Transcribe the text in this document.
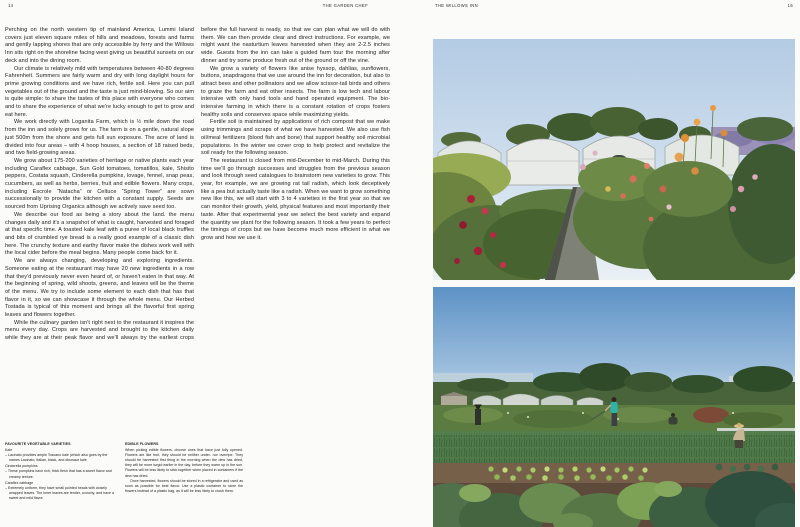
14	THE GARDEN CHEF	THE WILLOWS INN	15

Perching on the north western tip of mainland America, Lummi Island covers just eleven square miles of hills and meadows, forests and farms and gently lapping shores that are only accessible by ferry and the Willows Inn sits right on the shoreline facing west giving us beautiful sunsets on our deck and into the dining room.

Our climate is relatively mild with temperatures between 40-80 degrees Fahrenheit. Summers are fairly warm and dry with long daylight hours for prime growing conditions and we have rich, fertile soil. Here you can pull vegetables out of the ground and the taste is just mind-blowing. So our aim is quite simple: to share the tastes of this place with everyone who comes and to share the experience of what we're lucky enough to get to grow and eat here.

We work directly with Loganita Farm, which is ½ mile down the road from the inn and solely grows for us. The farm is on a gentle, natural slope just 500m from the shore and gets full sun exposure. The acre of land is divided into four areas – with 4 hoop houses, a section of 18 raised beds, and two field-growing areas.

We grow about 175-200 varieties of heritage or native plants each year including Caraflex cabbage, Sun Gold tomatoes, tomatillos, kale, Shisito peppers, Costata squash, Cinderella pumpkins, lovage, fennel, snap peas, cucumbers, as well as herbs, berries, fruit and edible flowers. Many crops, including Escrole “Natacha” or Celtuce “Spring Tower” are sown successionally to provide the kitchen with a constant supply. Seeds are sourced from Uprising Organics although we actively save seed too.

We describe our food as being a story about the land. the menu changes daily and it's a snapshot of what is caught, harvested and foraged at that specific time. A toasted kale leaf with a puree of local black truffles and bits of crumbled rye bread is a really good example of a classic dish here. The crunchy texture and earthy flavor make the dishes work well with the local cider before the meal begins. Many people come back for it.

We are always changing, developing and exploring ingredients. Someone eating at the restaurant may have 20 new ingredients in a row that they'd previously never even heard of, or haven't eaten in that way. At the beginning of spring, wild shoots, greens, and leaves will be the theme of the menu. We try to include some element to each dish that has that flavor in it, so we can showcase it through the whole menu. Our Herbed Tostada is typical of this moment and brings all the flavorful first spring leaves and flowers together.

While the culinary garden isn't right next to the restaurant it inspires the menu every day. Crops are harvested and brought to the kitchen daily while they are at their peak flavor and we'll always try the earliest crops before the full harvest is ready, so that we can plan what we will do with them. We can then provide clear and direct instructions. For example, we might want the nasturtium leaves harvested when they are 2-2.5 inches wide. Guests from the inn can take a guided farm tour the morning after dinner and try some produce fresh out of the ground or off the vine.

We grow a variety of flowers like anise hyssop, dahlias, sunflowers, buttons, snapdragons that we use around the inn for decoration, but also to attract bees and other pollinators and we allow scissor-tail birds and others to graze the farm and eat other insects. The farm is low tech and labour intensive with only hand tools and hand operated equipment. The bio-intensive farming in which there is a constant rotation of crops fosters healthy soils and conserves space while maximizing yields.

Fertile soil is maintained by applications of rich compost that we make using trimmings and scraps of what we have harvested. We also use fish oil/meal fertilizers (blood fish and bone) that support healthy soil microbial populations. In the winter we cover crop to help protect and revitalize the soil ready for the following season.

The restaurant is closed from mid-December to mid-March. During this time we'll go through successes and struggles from the previous season and look through seed catalogues to brainstorm new varieties to grow. This year, for example, we are growing rat tail radish, which look deceptively like a pea but actually taste like a radish. When we want to grow something new like this, we will start with 3 to 4 varieties in the first year so that we can monitor their growth, yield, physical features and most importantly their taste. After that experimental year we select the best variety and expand the quantity we plant for the following season. It took a few years to perfect the timings of crops but we have become much more efficient in what we grow and how we use it.

FAVOURITE VEGETABLE VARIETIES
Kale
– Lacinato provides ample Toscano kale (which also goes by the names Lacinato, Italian, black, and dinosaur kale
Cinderella pumpkins
– These pumpkins have rich, thick flesh that has a sweet flavor and creamy texture.
Caraflex cabbage
– Extremely uniform, they have small pointed heads with closely wrapped leaves. The inner leaves are tender, crunchy, and have a sweet and mild flavor.
EDIBLE FLOWERS

When picking edible flowers, choose ones that have just fully opened. Flowers are like fruit, they should be neither under- nor overripe. They should be harvested first thing in the morning when the dew has dried, they will be more turgid earlier in the day, before they warm up in the sun. Flowers will be less likely to stick together when placed in containers if the dew has dried.

Once harvested, flowers should be stored in a refrigerator and used as soon as possible for best flavor. Use a plastic container to store the flowers instead of a plastic bag, as it will be less likely to crush them.
